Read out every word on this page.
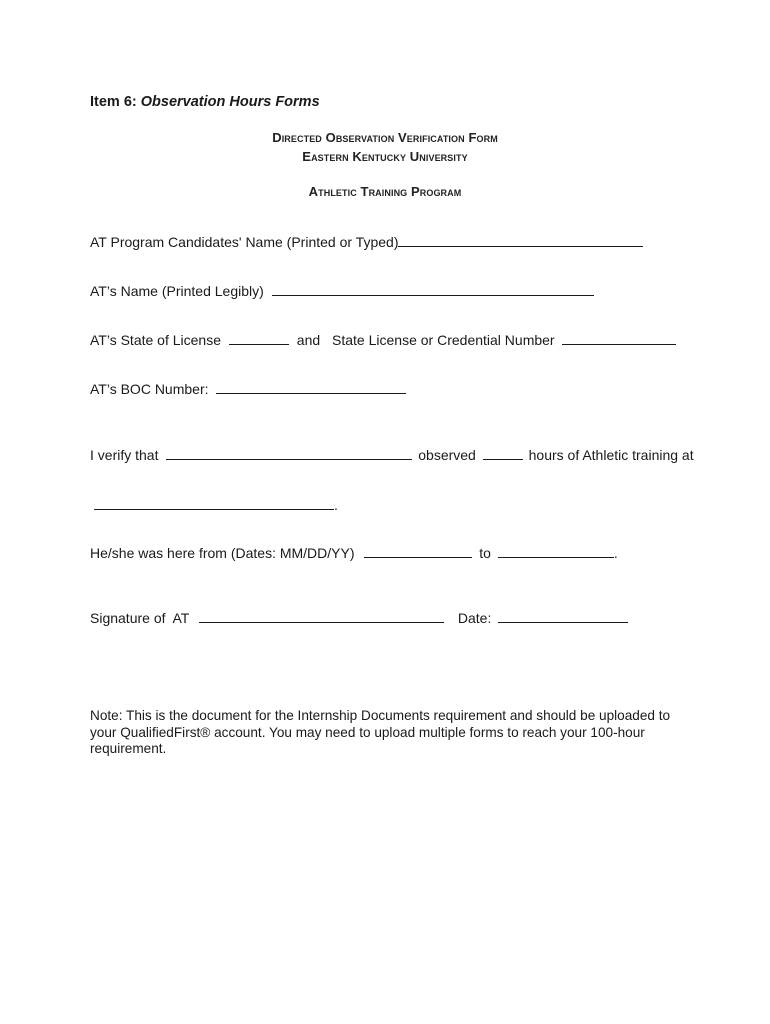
Item 6: Observation Hours Forms
Directed Observation Verification Form
Eastern Kentucky University
Athletic Training Program
AT Program Candidates' Name (Printed or Typed)
AT’s Name (Printed Legibly)
AT’s State of License	and State License or Credential Number
AT’s BOC Number:
I verify that	observed	hours of Athletic training at
.
He/she was here from (Dates: MM/DD/YY)	to	.
Signature of  AT	Date:
Note: This is the document for the Internship Documents requirement and should be uploaded to your QualifiedFirst® account. You may need to upload multiple forms to reach your 100-hour requirement.
